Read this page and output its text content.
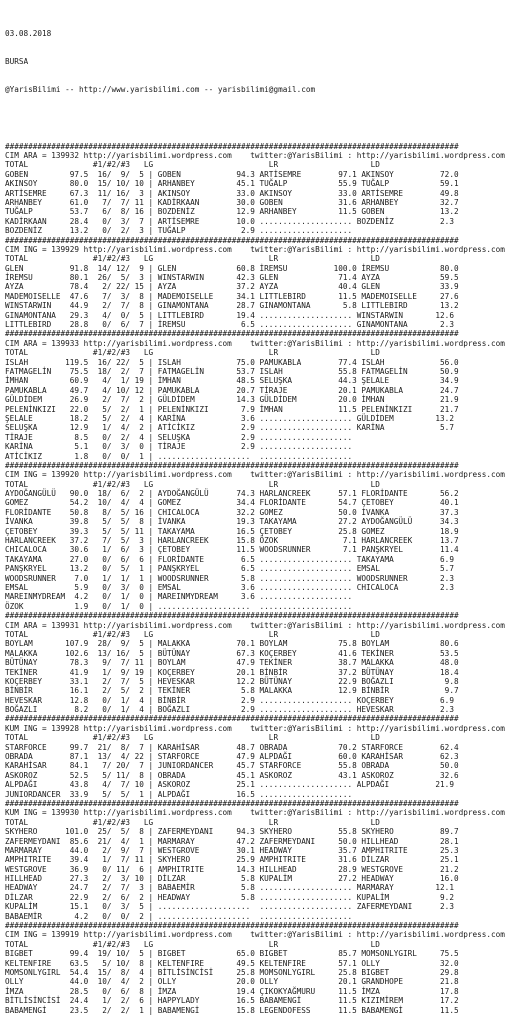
03.08.2018

BURSA

@YarisBilimi -- http://www.yarisbilimi.com -- yarisbilimi@gmail.com

##################################################################################################
CIM ARA = 139932 http://yarisbilimi.wordpress.com    twitter:@YarisBilimi : http://yarisbilimi.wordpress.com
TOTAL              #1/#2/#3   LG                         LR                    LD
GOBEN         97.5  16/  9/  5 | GOBEN            94.3 ARTİSEMRE        97.1 AKINSOY          72.0
AKINSOY       80.0  15/ 10/ 10 | ARHANBEY         45.1 TUĞALP           55.9 TUĞALP           59.1
ARTİSEMRE     67.3  11/ 16/  3 | AKINSOY          33.0 AKINSOY          33.0 ARTİSEMRE        49.8
ARHANBEY      61.0   7/  7/ 11 | KADİRKAAN        30.0 GOBEN            31.6 ARHANBEY         32.7
TUĞALP        53.7   6/  8/ 16 | BOZDENİZ         12.9 ARHANBEY         11.5 GOBEN            13.2
KADİRKAAN     28.4   0/  3/  7 | ARTİSEMRE        10.0 .................... BOZDENİZ          2.3
BOZDENİZ      13.2   0/  2/  3 | TUĞALP            2.9 ....................
##################################################################################################
CIM ING = 139929 http://yarisbilimi.wordpress.com    twitter:@YarisBilimi : http://yarisbilimi.wordpress.com
TOTAL              #1/#2/#3   LG                         LR                    LD
GLEN          91.8  14/ 12/  9 | GLEN             60.8 İREMSU          100.0 İREMSU           80.0
İREMSU        80.1  26/  5/  3 | WINSTARWIN       42.3 GLEN             71.4 AYZA             59.5
AYZA          78.4   2/ 22/ 15 | AYZA             37.2 AYZA             40.4 GLEN             33.9
MADEMOISELLE  47.6   7/  3/  8 | MADEMOISELLE     34.1 LITTLEBIRD       11.5 MADEMOISELLE     27.6
WINSTARWIN    44.9   2/  7/  8 | GINAMONTANA      28.7 GINAMONTANA       5.8 LITTLEBIRD       13.2
GINAMONTANA   29.3   4/  0/  5 | LITTLEBIRD       19.4 .................... WINSTARWIN       12.6
LITTLEBIRD    28.8   0/  6/  7 | İREMSU            6.5 .................... GINAMONTANA       2.3
##################################################################################################
CIM ARA = 139933 http://yarisbilimi.wordpress.com    twitter:@YarisBilimi : http://yarisbilimi.wordpress.com
TOTAL              #1/#2/#3   LG                         LR                    LD
ISLAH        119.5  16/ 22/  5 | ISLAH            75.0 PAMUKABLA        77.4 ISLAH            56.0
FATMAGELİN    75.5  18/  2/  7 | FATMAGELİN       53.7 ISLAH            55.8 FATMAGELİN       50.9
İMHAN         60.9   4/  1/ 19 | İMHAN            48.5 SELUŞKA          44.3 ŞELALE           34.9
PAMUKABLA     49.7   4/ 10/ 12 | PAMUKABLA        20.7 TİRAJE           20.1 PAMUKABLA        24.7
GÜLDİDEM      26.9   2/  7/  2 | GÜLDİDEM         14.3 GÜLDİDEM         20.0 İMHAN            21.9
PELENİNKIZI   22.0   5/  2/  1 | PELENİNKIZI       7.9 İMHAN            11.5 PELENİNKIZI      21.7
ŞELALE        18.2   5/  2/  4 | KARİNA            3.6 .................... GÜLDİDEM         13.2
SELUŞKA       12.9   1/  4/  2 | ATİCİKIZ          2.9 .................... KARİNA            5.7
TİRAJE         8.5   0/  2/  4 | SELUŞKA           2.9 ....................
KARİNA         5.1   0/  3/  0 | TİRAJE            2.9 ....................
ATİCİKIZ       1.8   0/  0/  1 | ....................  ....................
##################################################################################################
CIM ING = 139920 http://yarisbilimi.wordpress.com    twitter:@YarisBilimi : http://yarisbilimi.wordpress.com
TOTAL              #1/#2/#3   LG                         LR                    LD
AYDOĞANGÜLÜ   90.0  18/  6/  2 | AYDOĞANGÜLÜ      74.3 HARLANCREEK      57.1 FLORİDANTE       56.2
GOMEZ         54.2  10/  4/  4 | GOMEZ            34.4 FLORİDANTE       54.7 ÇETOBEY          40.1
FLORİDANTE    50.8   8/  5/ 16 | CHICALOCA        32.2 GOMEZ            50.0 İVANKA           37.3
İVANKA        39.8   5/  5/  8 | İVANKA           19.3 TAKAYAMA         27.2 AYDOĞANGÜLÜ      34.3
ÇETOBEY       39.3   5/  5/ 11 | TAKAYAMA         16.5 ÇETOBEY          25.8 GOMEZ            18.9
HARLANCREEK   37.2   7/  5/  3 | HARLANCREEK      15.8 ÖZOK              7.1 HARLANCREEK      13.7
CHICALOCA     30.6   1/  6/  3 | ÇETOBEY          11.5 WOODSRUNNER       7.1 PANŞKRYEL        11.4
TAKAYAMA      27.0   0/  6/  6 | FLORİDANTE        6.5 .................... TAKAYAMA          6.9
PANŞKRYEL     13.2   0/  5/  1 | PANŞKRYEL         6.5 .................... EMSAL             5.7
WOODSRUNNER    7.0   1/  1/  1 | WOODSRUNNER       5.8 .................... WOODSRUNNER       2.3
EMSAL          5.9   0/  3/  0 | EMSAL             3.6 .................... CHICALOCA         2.3
MAREINMYDREAM  4.2   0/  1/  0 | MAREINMYDREAM     3.6 ....................
ÖZOK           1.9   0/  1/  0 | ....................  ....................
##################################################################################################
CIM ARA = 139931 http://yarisbilimi.wordpress.com    twitter:@YarisBilimi : http://yarisbilimi.wordpress.com
TOTAL              #1/#2/#3   LG                         LR                    LD
BOYLAM       107.9  28/  9/  5 | MALAKKA          70.1 BOYLAM           75.8 BOYLAM           80.6
MALAKKA      102.6  13/ 16/  5 | BÜTÜNAY          67.3 KOÇERBEY         41.6 TEKİNER          53.5
BÜTÜNAY       78.3   9/  7/ 11 | BOYLAM           47.9 TEKİNER          38.7 MALAKKA          48.0
TEKİNER       41.9   1/  9/ 19 | KOÇERBEY         20.1 BİNBİR           37.2 BÜTÜNAY          18.4
KOÇERBEY      33.1   2/  7/  5 | HEVESKAR         12.2 BÜTÜNAY          22.9 BOĞAZLI           9.8
BİNBİR        16.1   2/  5/  2 | TEKİNER           5.8 MALAKKA          12.9 BİNBİR            9.7
HEVESKAR      12.8   0/  1/  4 | BİNBİR            2.9 .................... KOÇERBEY          6.9
BOĞAZLI        8.2   0/  1/  4 | BOĞAZLI           2.9 .................... HEVESKAR          2.3
##################################################################################################
KUM ING = 139928 http://yarisbilimi.wordpress.com    twitter:@YarisBilimi : http://yarisbilimi.wordpress.com
TOTAL              #1/#2/#3   LG                         LR                    LD
STARFORCE     99.7  21/  8/  7 | KARAHİSAR        48.7 OBRADA           70.2 STARFORCE        62.4
OBRADA        87.1  13/  4/ 22 | STARFORCE        47.9 ALPDAĞI          60.0 KARAHİSAR        62.3
KARAHİSAR     84.1   7/ 20/  7 | JUNIORDANCER     45.7 STARFORCE        55.8 OBRADA           50.0
ASKOROZ       52.5   5/ 11/  8 | OBRADA           45.1 ASKOROZ          43.1 ASKOROZ          32.6
ALPDAĞI       43.8   4/  7/ 10 | ASKOROZ          25.1 .................... ALPDAĞI          21.9
JUNIORDANCER  33.9   5/  5/  1 | ALPDAĞI          16.5 ....................
##################################################################################################
KUM ING = 139930 http://yarisbilimi.wordpress.com    twitter:@YarisBilimi : http://yarisbilimi.wordpress.com
TOTAL              #1/#2/#3   LG                         LR                    LD
SKYHERO      101.0  25/  5/  8 | ZAFERMEYDANI     94.3 SKYHERO          55.8 SKYHERO          89.7
ZAFERMEYDANI  85.6  21/  4/  1 | MARMARAY         47.2 ZAFERMEYDANI     50.0 HILLHEAD         28.1
MARMARAY      44.0   2/  9/  7 | WESTGROVE        30.1 HEADWAY          35.7 AMPHITRITE       25.3
AMPHITRITE    39.4   1/  7/ 11 | SKYHERO          25.9 AMPHITRITE       31.6 DİLZAR           25.1
WESTGROVE     36.9   0/ 11/  6 | AMPHITRITE       14.3 HILLHEAD         28.9 WESTGROVE        21.2
HILLHEAD      27.3   2/  3/ 10 | DİLZAR            5.8 KUPALİM          27.2 HEADWAY          16.0
HEADWAY       24.7   2/  7/  3 | BABAEMİR          5.8 .................... MARMARAY         12.1
DİLZAR        22.9   2/  6/  2 | HEADWAY           5.8 .................... KUPALİM           9.2
KUPALİM       15.1   0/  3/  5 | ....................  .................... ZAFERMEYDANI      2.3
BABAEMİR       4.2   0/  0/  2 | ....................  ....................
##################################################################################################
CIM ING = 139919 http://yarisbilimi.wordpress.com    twitter:@YarisBilimi : http://yarisbilimi.wordpress.com
TOTAL              #1/#2/#3   LG                         LR                    LD
BIGBET        99.4  19/ 10/  5 | BIGBET           65.0 BIGBET           85.7 MOMSONLYGIRL     75.5
KELTENFIRE    63.5   5/ 10/  8 | KELTENFIRE       49.5 KELTENFIRE       57.1 OLLY             32.0
MOMSONLYGIRL  54.4  15/  8/  4 | BİTLİSİNCİSİ     25.8 MOMSONLYGIRL     25.8 BIGBET           29.8
OLLY          44.0  10/  4/  2 | OLLY             20.0 OLLY             20.1 GRANDHOPE        21.8
İMZA          28.5   0/  6/  8 | İMZA             19.4 ÇIKOKYAĞMURU     11.5 İMZA             17.8
BİTLİSİNCİSİ  24.4   1/  2/  6 | HAPPYLADY        16.5 BABAMENGİ        11.5 KIZIMİREM        17.2
BABAMENGİ     23.5   2/  2/  1 | BABAMENGİ        15.8 LEGENDOFESS      11.5 BABAMENGİ        11.5
